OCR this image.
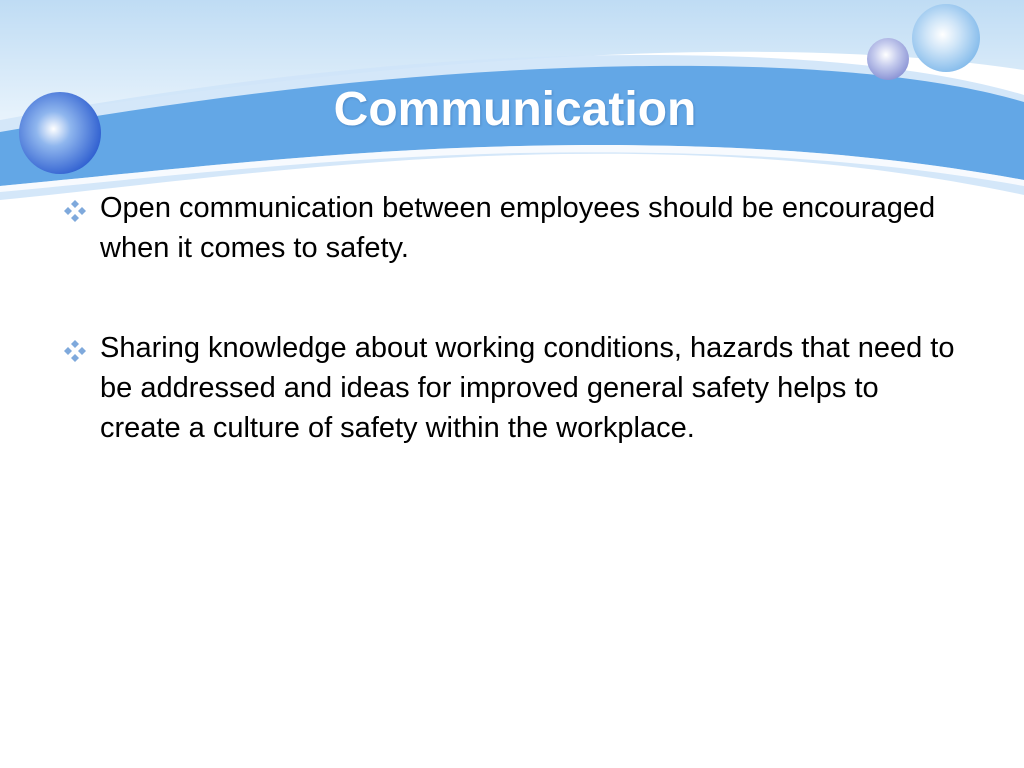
Communication
Open communication between employees should be encouraged when it comes to safety.
Sharing knowledge about working conditions, hazards that need to be addressed and ideas for improved general safety helps to create a culture of safety within the workplace.
